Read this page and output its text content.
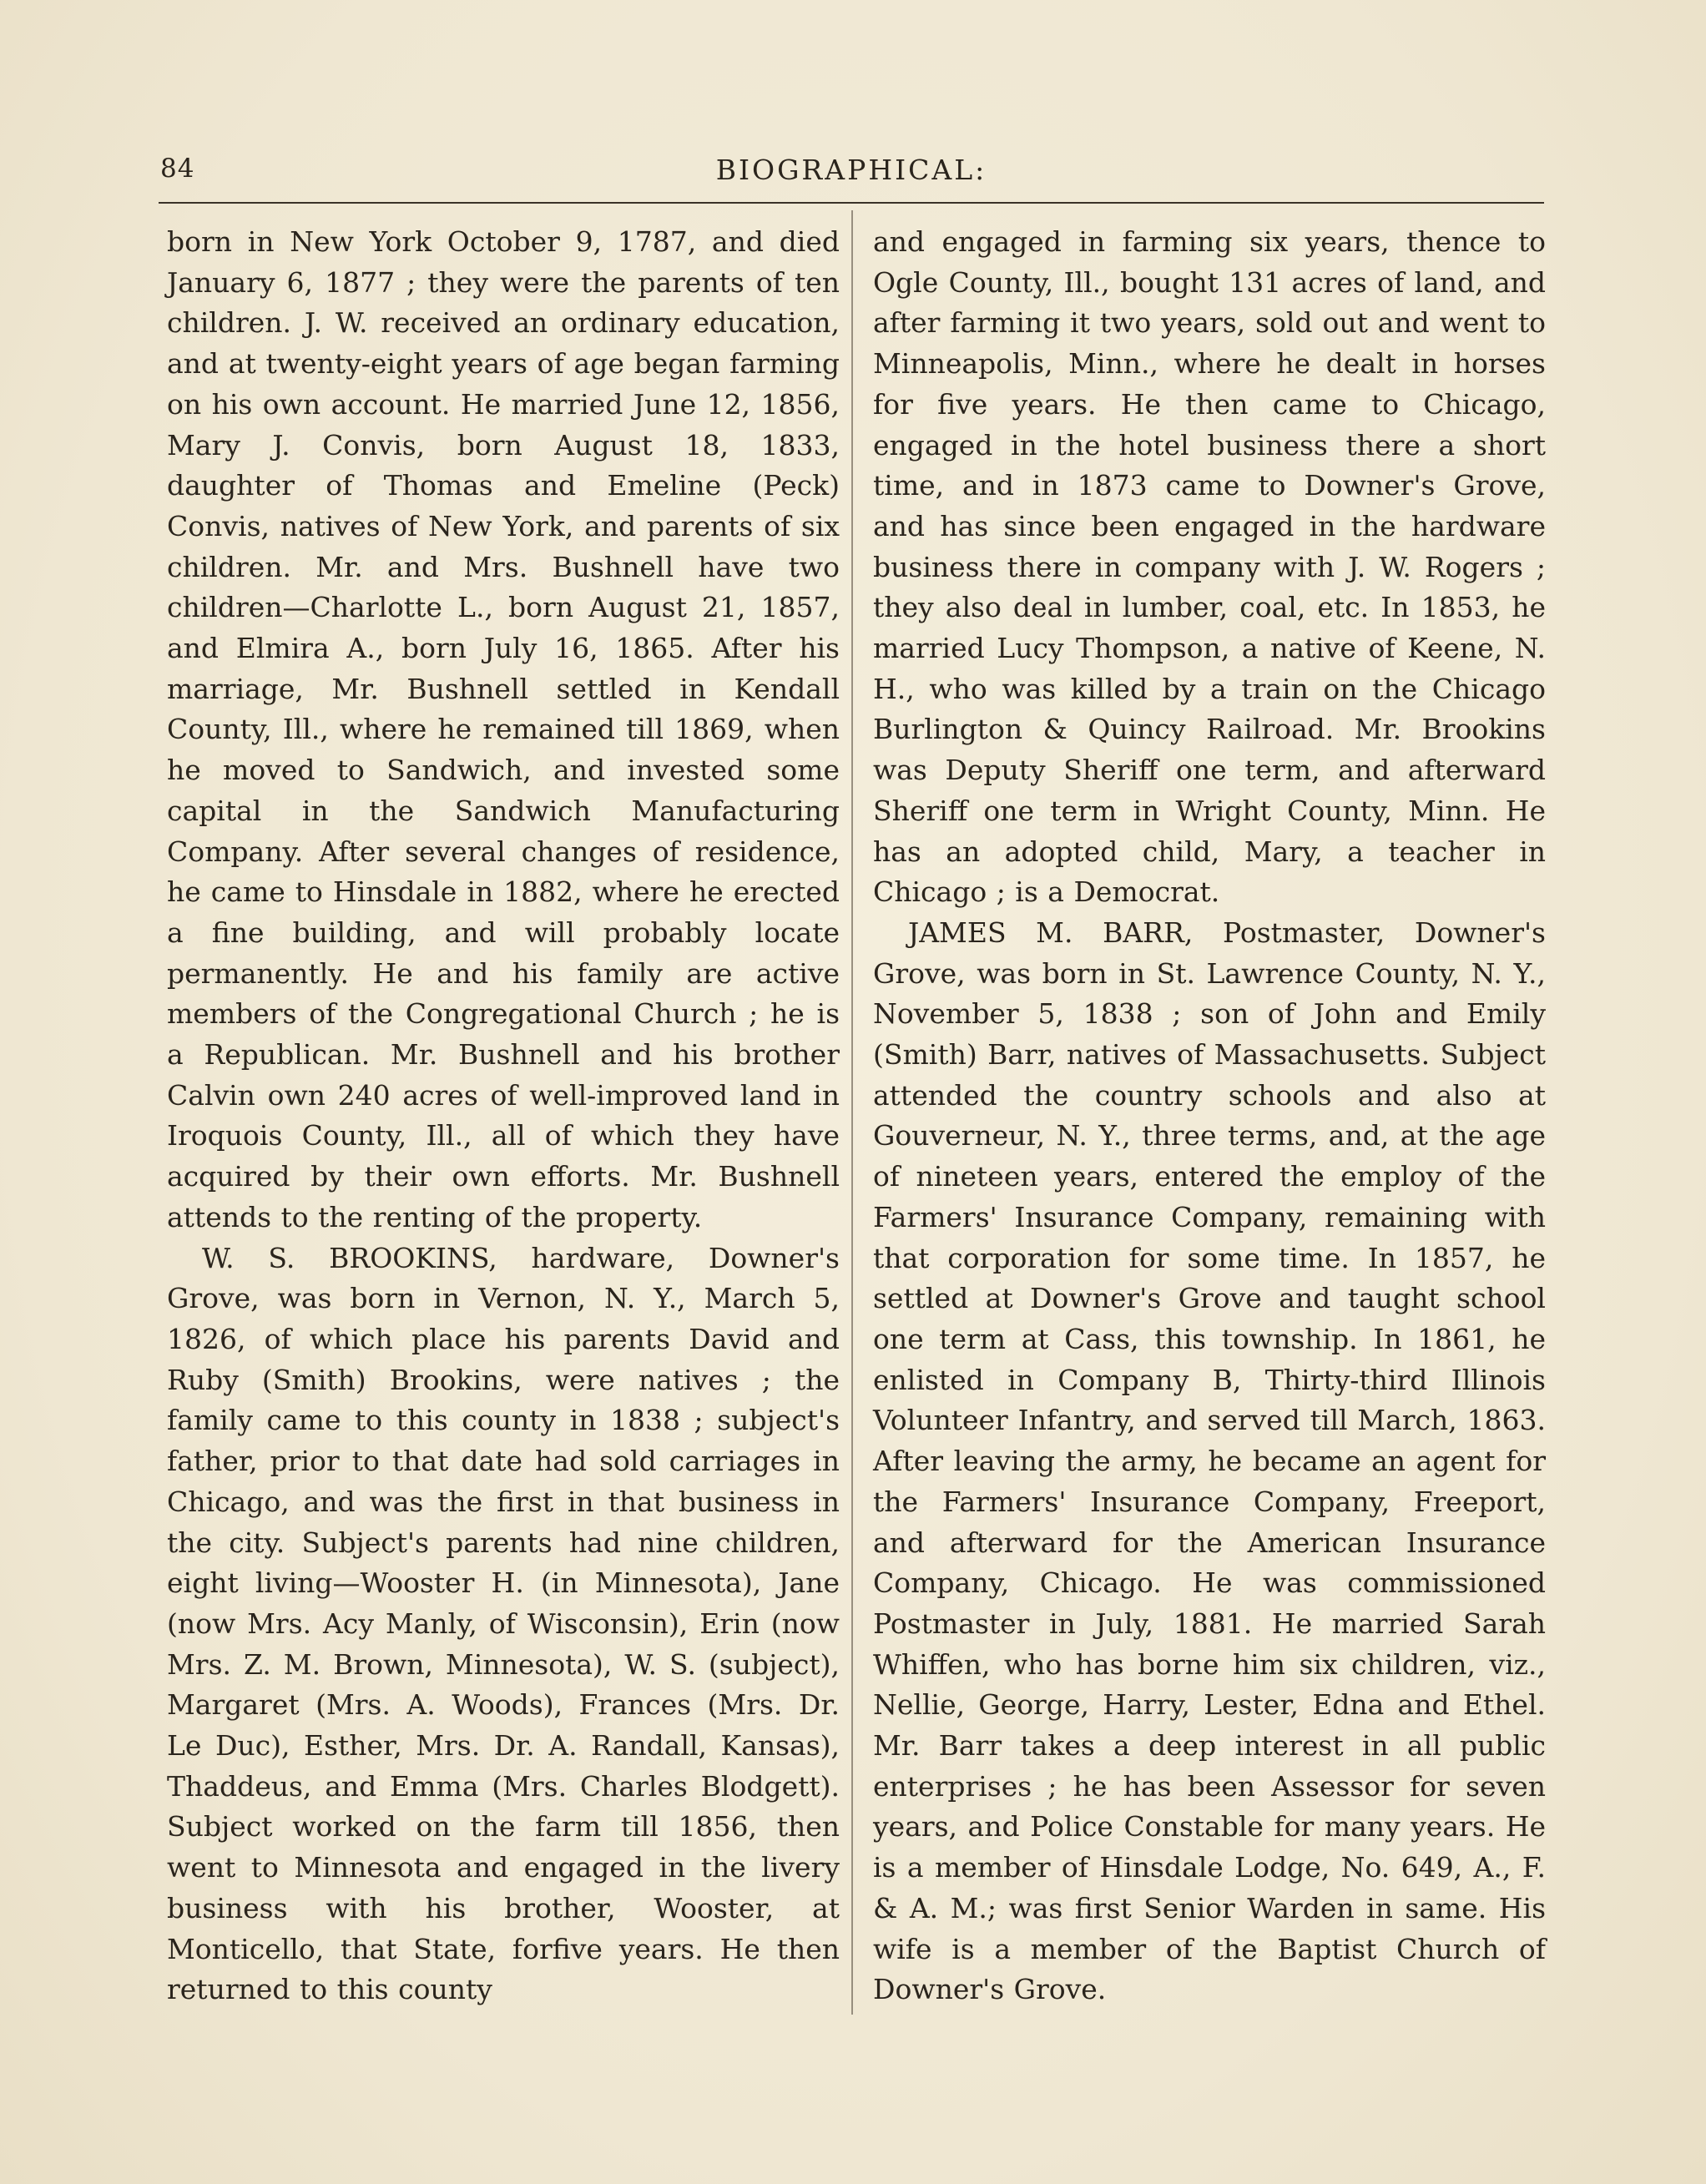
84	BIOGRAPHICAL:

born in New York October 9, 1787, and died January 6, 1877 ; they were the parents of ten children. J. W. received an ordinary education, and at twenty-eight years of age began farming on his own account. He married June 12, 1856, Mary J. Convis, born August 18, 1833, daughter of Thomas and Emeline (Peck) Convis, natives of New York, and parents of six children. Mr. and Mrs. Bushnell have two children—Charlotte L., born August 21, 1857, and Elmira A., born July 16, 1865. After his marriage, Mr. Bushnell settled in Kendall County, Ill., where he remained till 1869, when he moved to Sandwich, and invested some capital in the Sandwich Manufacturing Company. After several changes of residence, he came to Hinsdale in 1882, where he erected a fine building, and will probably locate permanently. He and his family are active members of the Congregational Church ; he is a Republican. Mr. Bushnell and his brother Calvin own 240 acres of well-improved land in Iroquois County, Ill., all of which they have acquired by their own efforts. Mr. Bushnell attends to the renting of the property.

W. S. BROOKINS, hardware, Downer's Grove, was born in Vernon, N. Y., March 5, 1826, of which place his parents David and Ruby (Smith) Brookins, were natives ; the family came to this county in 1838 ; subject's father, prior to that date had sold carriages in Chicago, and was the first in that business in the city. Subject's parents had nine children, eight living—Wooster H. (in Minnesota), Jane (now Mrs. Acy Manly, of Wisconsin), Erin (now Mrs. Z. M. Brown, Minnesota), W. S. (subject), Margaret (Mrs. A. Woods), Frances (Mrs. Dr. Le Duc), Esther, Mrs. Dr. A. Randall, Kansas), Thaddeus, and Emma (Mrs. Charles Blodgett). Subject worked on the farm till 1856, then went to Minnesota and engaged in the livery business with his brother, Wooster, at Monticello, that State, forfive years. He then returned to this county

and engaged in farming six years, thence to Ogle County, Ill., bought 131 acres of land, and after farming it two years, sold out and went to Minneapolis, Minn., where he dealt in horses for five years. He then came to Chicago, engaged in the hotel business there a short time, and in 1873 came to Downer's Grove, and has since been engaged in the hardware business there in company with J. W. Rogers ; they also deal in lumber, coal, etc. In 1853, he married Lucy Thompson, a native of Keene, N. H., who was killed by a train on the Chicago Burlington & Quincy Railroad. Mr. Brookins was Deputy Sheriff one term, and afterward Sheriff one term in Wright County, Minn. He has an adopted child, Mary, a teacher in Chicago ; is a Democrat.

JAMES M. BARR, Postmaster, Downer's Grove, was born in St. Lawrence County, N. Y., November 5, 1838 ; son of John and Emily (Smith) Barr, natives of Massachusetts. Subject attended the country schools and also at Gouverneur, N. Y., three terms, and, at the age of nineteen years, entered the employ of the Farmers' Insurance Company, remaining with that corporation for some time. In 1857, he settled at Downer's Grove and taught school one term at Cass, this township. In 1861, he enlisted in Company B, Thirty-third Illinois Volunteer Infantry, and served till March, 1863. After leaving the army, he became an agent for the Farmers' Insurance Company, Freeport, and afterward for the American Insurance Company, Chicago. He was commissioned Postmaster in July, 1881. He married Sarah Whiffen, who has borne him six children, viz., Nellie, George, Harry, Lester, Edna and Ethel. Mr. Barr takes a deep interest in all public enterprises ; he has been Assessor for seven years, and Police Constable for many years. He is a member of Hinsdale Lodge, No. 649, A., F. & A. M.; was first Senior Warden in same. His wife is a member of the Baptist Church of Downer's Grove.
